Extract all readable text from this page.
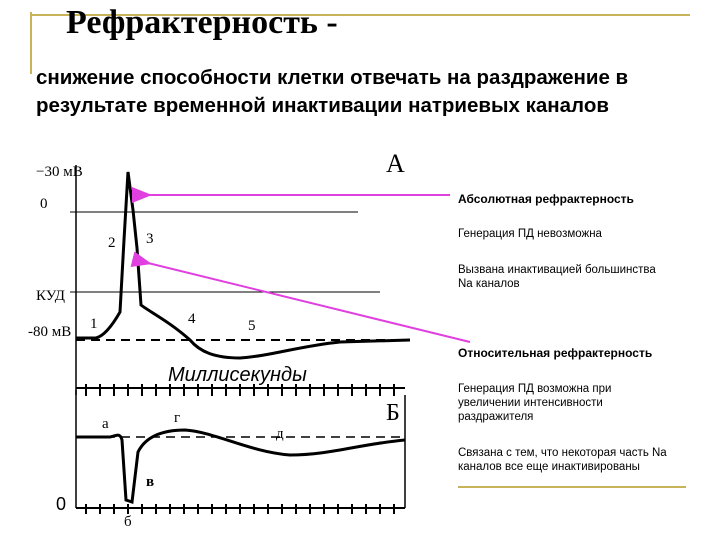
Рефрактерность -
снижение способности клетки отвечать на раздражение в результате временной инактивации натриевых каналов
А
−30 мВ
0
КУД
-80 мВ 1
2 3
4	5
Миллисекунды
Б
а	г
д
в
б
0
Абсолютная рефрактерность
Генерация ПД невозможна
Вызвана инактивацией большинства Na каналов
Относительная рефрактерность
Генерация ПД возможна при увеличении интенсивности раздражителя
Связана с тем, что некоторая часть Na каналов все еще инактивированы
